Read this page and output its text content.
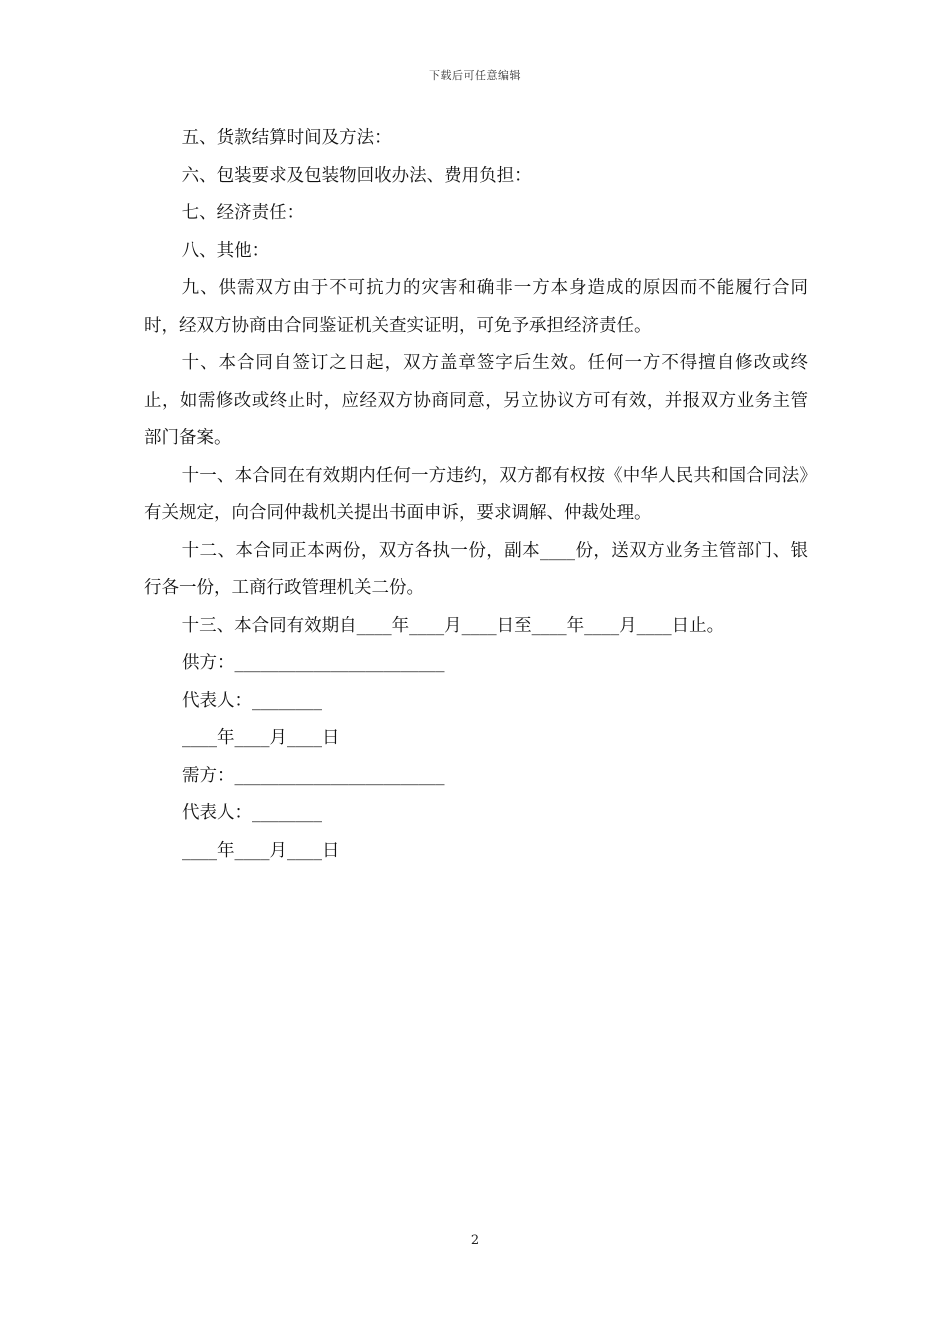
下载后可任意编辑

五、货款结算时间及方法：

六、包装要求及包装物回收办法、费用负担：

七、经济责任：

八、其他：

九、供需双方由于不可抗力的灾害和确非一方本身造成的原因而不能履行合同时，经双方协商由合同鉴证机关查实证明，可免予承担经济责任。

十、本合同自签订之日起，双方盖章签字后生效。任何一方不得擅自修改或终止，如需修改或终止时，应经双方协商同意，另立协议方可有效，并报双方业务主管部门备案。

十一、本合同在有效期内任何一方违约，双方都有权按《中华人民共和国合同法》有关规定，向合同仲裁机关提出书面申诉，要求调解、仲裁处理。

十二、本合同正本两份，双方各执一份，副本____份，送双方业务主管部门、银行各一份，工商行政管理机关二份。

十三、本合同有效期自____年____月____日至____年____月____日止。

供方：________________________

代表人：________

____年____月____日

需方：________________________

代表人：________

____年____月____日

2
